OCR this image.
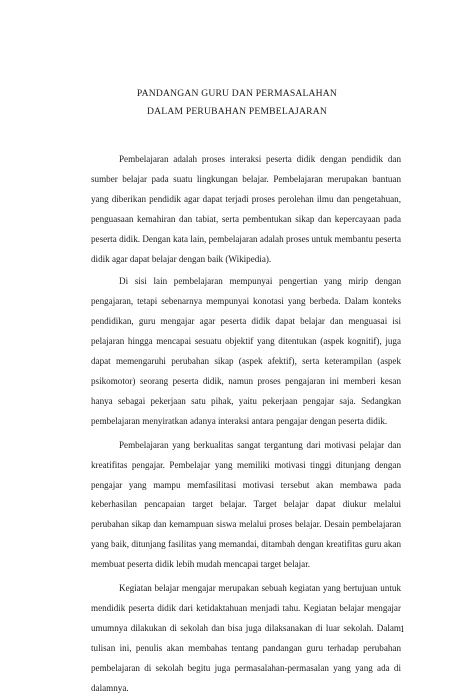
PANDANGAN GURU DAN PERMASALAHAN
DALAM PERUBAHAN PEMBELAJARAN

Pembelajaran adalah proses interaksi peserta didik dengan pendidik dan sumber belajar pada suatu lingkungan belajar. Pembelajaran merupakan bantuan yang diberikan pendidik agar dapat terjadi proses perolehan ilmu dan pengetahuan, penguasaan kemahiran dan tabiat, serta pembentukan sikap dan kepercayaan pada peserta didik. Dengan kata lain, pembelajaran adalah proses untuk membantu peserta didik agar dapat belajar dengan baik (Wikipedia).

Di sisi lain pembelajaran mempunyai pengertian yang mirip dengan pengajaran, tetapi sebenarnya mempunyai konotasi yang berbeda. Dalam konteks pendidikan, guru mengajar agar peserta didik dapat belajar dan menguasai isi pelajaran hingga mencapai sesuatu objektif yang ditentukan (aspek kognitif), juga dapat memengaruhi perubahan sikap (aspek afektif), serta keterampilan (aspek psikomotor) seorang peserta didik, namun proses pengajaran ini memberi kesan hanya sebagai pekerjaan satu pihak, yaitu pekerjaan pengajar saja. Sedangkan pembelajaran menyiratkan adanya interaksi antara pengajar dengan peserta didik.

Pembelajaran yang berkualitas sangat tergantung dari motivasi pelajar dan kreatifitas pengajar. Pembelajar yang memiliki motivasi tinggi ditunjang dengan pengajar yang mampu memfasilitasi motivasi tersebut akan membawa pada keberhasilan pencapaian target belajar. Target belajar dapat diukur melalui perubahan sikap dan kemampuan siswa melalui proses belajar. Desain pembelajaran yang baik, ditunjang fasilitas yang memandai, ditambah dengan kreatifitas guru akan membuat peserta didik lebih mudah mencapai target belajar.

Kegiatan belajar mengajar merupakan sebuah kegiatan yang bertujuan untuk mendidik peserta didik dari ketidaktahuan menjadi tahu. Kegiatan belajar mengajar umumnya dilakukan di sekolah dan bisa juga dilaksanakan di luar sekolah. Dalam tulisan ini, penulis akan membahas tentang pandangan guru terhadap perubahan pembelajaran di sekolah begitu juga permasalahan-permasalan yang yang ada di dalamnya.

1
